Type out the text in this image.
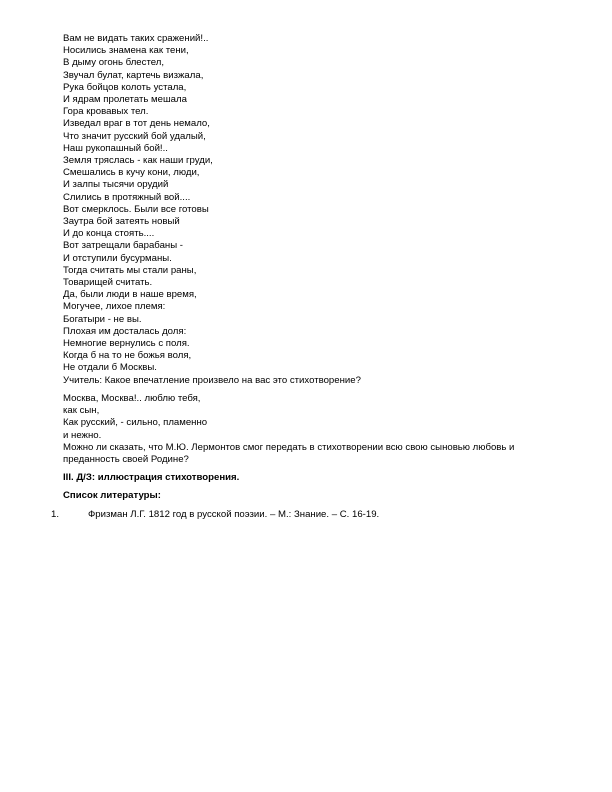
Вам не видать таких сражений!..

Носились знамена как тени,

В дыму огонь блестел,

Звучал булат, картечь визжала,

Рука бойцов колоть устала,

И ядрам пролетать мешала

Гора кровавых тел.

Изведал враг в тот день немало,

Что значит русский бой удалый,

Наш рукопашный бой!..

Земля тряслась - как наши груди,

Смешались в кучу кони, люди,

И залпы тысячи орудий

Слились в протяжный вой....

Вот смерклось. Были все готовы

Заутра бой затеять новый

И до конца стоять....

Вот затрещали барабаны -

И отступили бусурманы.

Тогда считать мы стали раны,

Товарищей считать.

Да, были люди в наше время,

Могучее, лихое племя:

Богатыри - не вы.

Плохая им досталась доля:

Немногие вернулись с поля.

Когда б на то не божья воля,

Не отдали б Москвы.

Учитель: Какое впечатление произвело на вас это стихотворение?

Москва, Москва!.. люблю тебя,

как сын,

Как русский, - сильно, пламенно

и нежно.

Можно ли сказать, что М.Ю. Лермонтов смог передать в стихотворении всю свою сыновью любовь и

преданность своей Родине?

III. Д/З: иллюстрация стихотворения.

Список литературы:

1.	Фризман Л.Г. 1812 год в русской поэзии. – М.: Знание. – С. 16-19.
